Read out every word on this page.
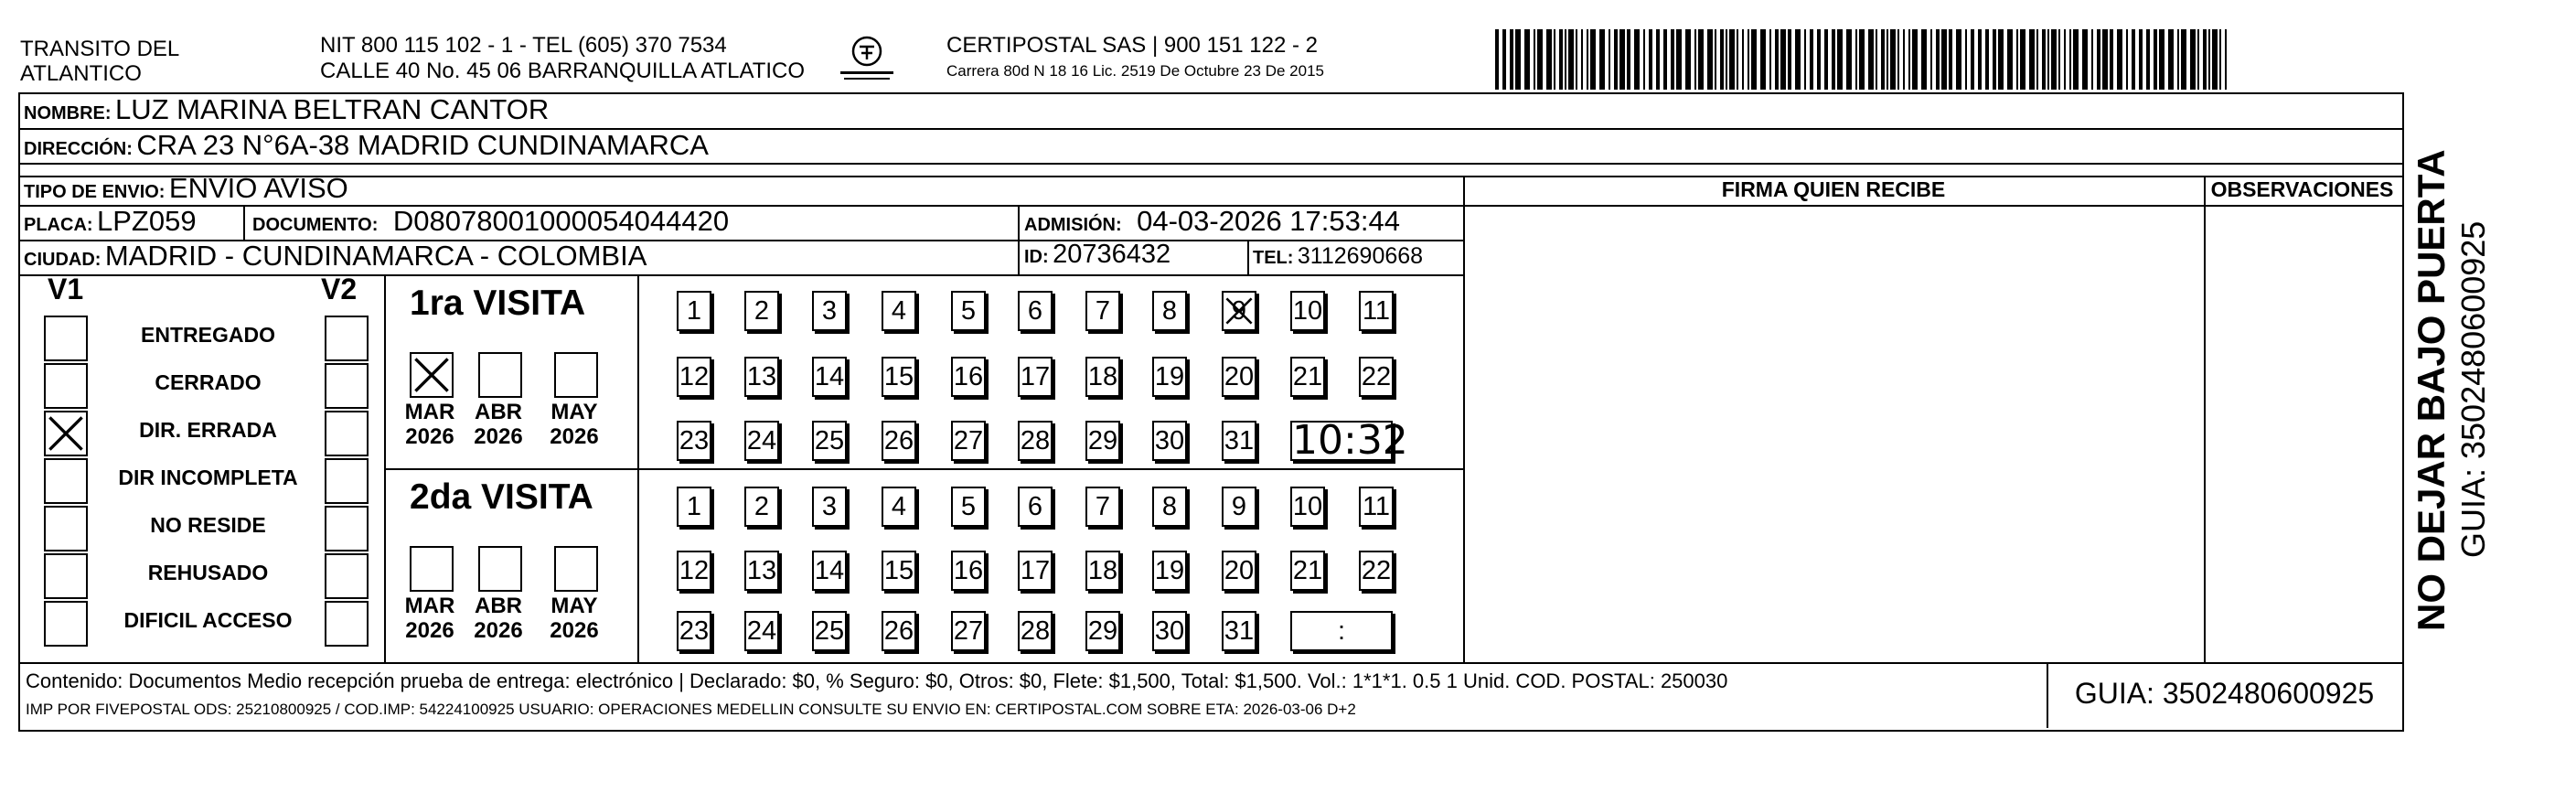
TRANSITO DEL
ATLANTICO
NIT 800 115 102 - 1 - TEL (605) 370 7534
CALLE 40 No. 45 06 BARRANQUILLA ATLATICO
CERTIPOSTAL SAS | 900 151 122 - 2
Carrera 80d N 18 16 Lic. 2519 De Octubre 23 De 2015
NOMBRE: LUZ MARINA BELTRAN CANTOR
DIRECCIÓN: CRA 23 N°6A-38 MADRID CUNDINAMARCA
TIPO DE ENVIO: ENVIO AVISO
PLACA: LPZ059	DOCUMENTO: D08078001000054044420	ADMISIÓN: 04-03-2026 17:53:44
CIUDAD: MADRID - CUNDINAMARCA - COLOMBIA	ID: 20736432	TEL: 3112690668
FIRMA QUIEN RECIBE	OBSERVACIONES
V1	V2
ENTREGADO
CERRADO
DIR. ERRADA
DIR INCOMPLETA
NO RESIDE
REHUSADO
DIFICIL ACCESO
1ra VISITA
2da VISITA
MAR
2026
ABR
2026
MAY
2026
MAR
2026
ABR
2026
MAY
2026
1	2	3	4	5	6	7	8	9	10 11
12 13 14 15 16 17 18 19 20 21 22
23 24 25 26 27 28 29 30 31 10:32
1	2	3	4	5	6	7	8	9	10 11
12 13 14 15 16 17 18 19 20 21 22
23 24 25 26 27 28 29 30 31	:
Contenido: Documentos Medio recepción prueba de entrega: electrónico | Declarado: $0, % Seguro: $0, Otros: $0, Flete: $1,500, Total: $1,500. Vol.: 1*1*1. 0.5 1 Unid. COD. POSTAL: 250030
IMP POR FIVEPOSTAL ODS: 25210800925 / COD.IMP: 54224100925 USUARIO: OPERACIONES MEDELLIN CONSULTE SU ENVIO EN: CERTIPOSTAL.COM SOBRE ETA: 2026-03-06 D+2	GUIA: 3502480600925
NO DEJAR BAJO PUERTA GUIA: 3502480600925
